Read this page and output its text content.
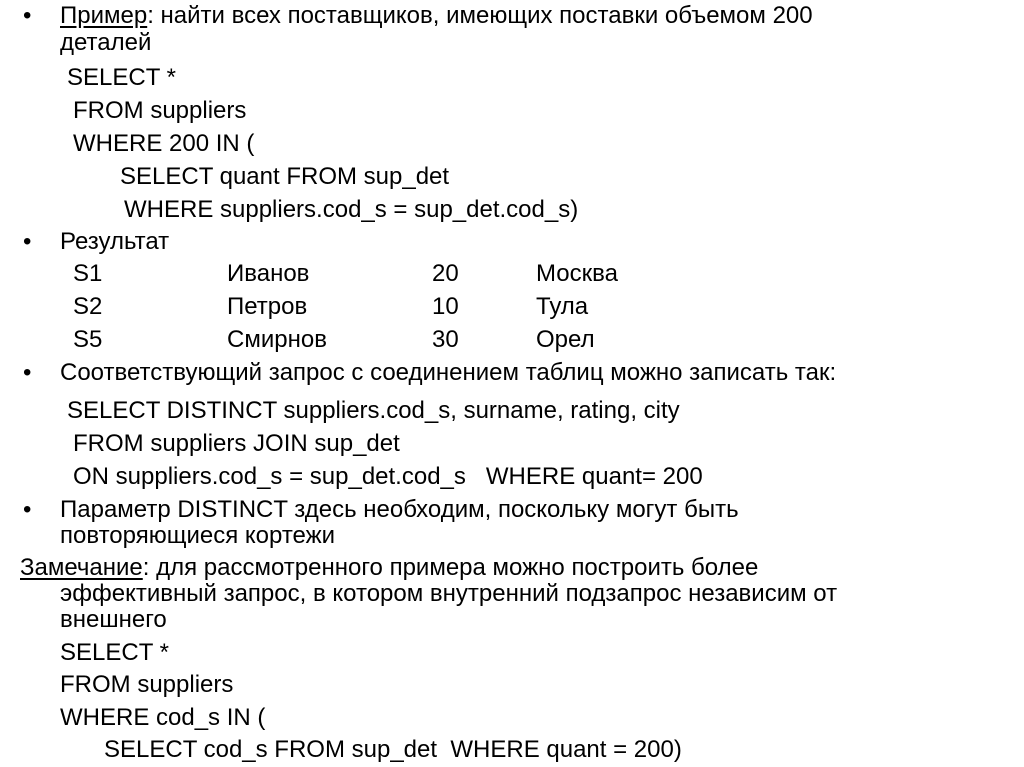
• Пример: найти всех поставщиков, имеющих поставки объемом 200
деталей
SELECT *
FROM suppliers
WHERE 200 IN (
SELECT quant FROM sup_det
WHERE suppliers.cod_s = sup_det.cod_s)
• Результат
S1	Иванов	20	Москва
S2	Петров	10	Тула
S5	Смирнов	30	Орел
• Соответствующий запрос с соединением таблиц можно записать так:
SELECT DISTINCT suppliers.cod_s, surname, rating, city
FROM suppliers JOIN sup_det
ON suppliers.cod_s = sup_det.cod_s   WHERE quant= 200
• Параметр DISTINCT здесь необходим, поскольку могут быть
повторяющиеся кортежи
Замечание: для рассмотренного примера можно построить более
эффективный запрос, в котором внутренний подзапрос независим от
внешнего
SELECT *
FROM suppliers
WHERE cod_s IN (
SELECT cod_s FROM sup_det  WHERE quant = 200)
